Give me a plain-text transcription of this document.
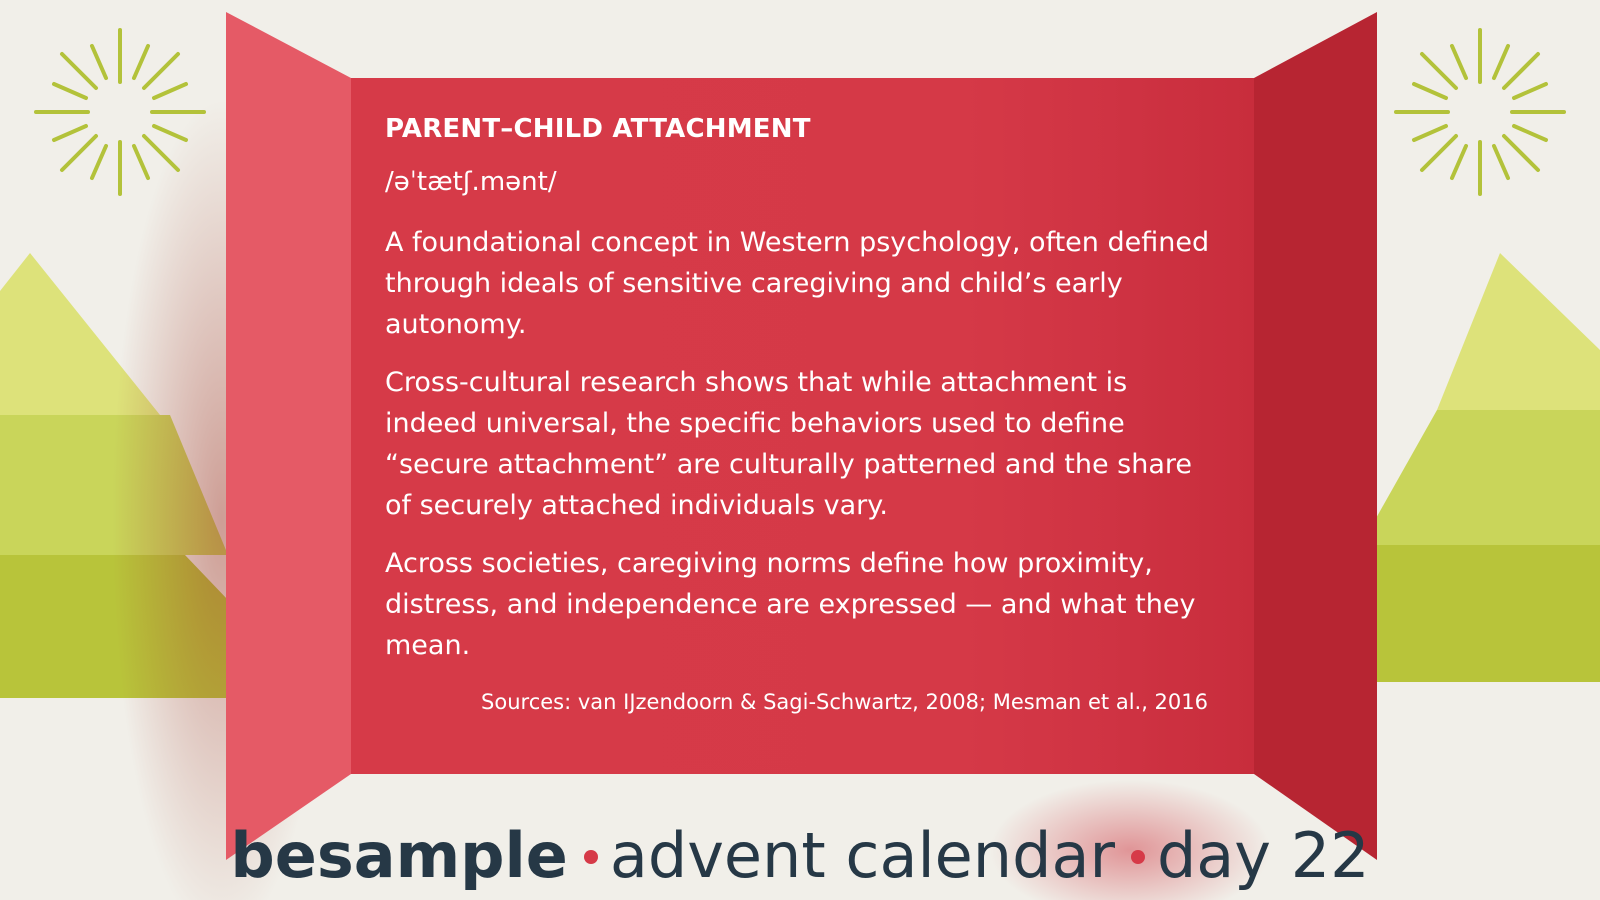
PARENT–CHILD ATTACHMENT
/əˈtætʃ.mənt/

A foundational concept in Western psychology, often defined through ideals of sensitive caregiving and child’s early autonomy.

Cross-cultural research shows that while attachment is indeed universal, the specific behaviors used to define “secure attachment” are culturally patterned and the share of securely attached individuals vary.

Across societies, caregiving norms define how proximity, distress, and independence are expressed — and what they mean.

Sources: van IJzendoorn & Sagi-Schwartz, 2008; Mesman et al., 2016
besample advent calendar day 22
